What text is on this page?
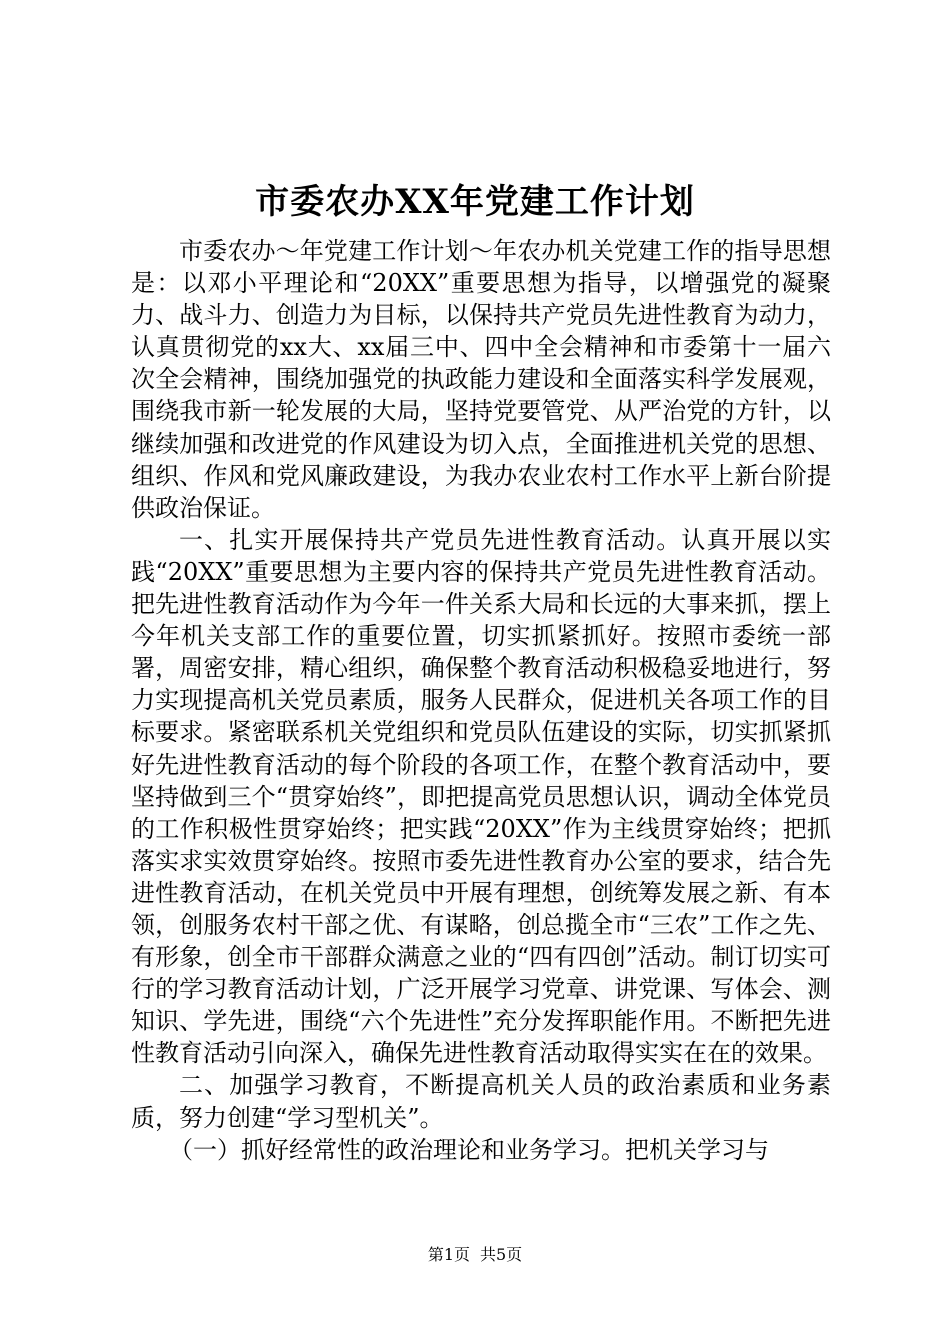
市委农办XX年党建工作计划

市委农办～年党建工作计划～年农办机关党建工作的指导思想是：以邓小平理论和“20XX”重要思想为指导，以增强党的凝聚力、战斗力、创造力为目标，以保持共产党员先进性教育为动力，认真贯彻党的xx大、xx届三中、四中全会精神和市委第十一届六次全会精神，围绕加强党的执政能力建设和全面落实科学发展观，围绕我市新一轮发展的大局，坚持党要管党、从严治党的方针，以继续加强和改进党的作风建设为切入点，全面推进机关党的思想、组织、作风和党风廉政建设，为我办农业农村工作水平上新台阶提供政治保证。

一、扎实开展保持共产党员先进性教育活动。认真开展以实践“20XX”重要思想为主要内容的保持共产党员先进性教育活动。把先进性教育活动作为今年一件关系大局和长远的大事来抓，摆上今年机关支部工作的重要位置，切实抓紧抓好。按照市委统一部署，周密安排，精心组织，确保整个教育活动积极稳妥地进行，努力实现提高机关党员素质，服务人民群众，促进机关各项工作的目标要求。紧密联系机关党组织和党员队伍建设的实际，切实抓紧抓好先进性教育活动的每个阶段的各项工作，在整个教育活动中，要坚持做到三个“贯穿始终”，即把提高党员思想认识，调动全体党员的工作积极性贯穿始终；把实践“20XX”作为主线贯穿始终；把抓落实求实效贯穿始终。按照市委先进性教育办公室的要求，结合先进性教育活动，在机关党员中开展有理想，创统筹发展之新、有本领，创服务农村干部之优、有谋略，创总揽全市“三农”工作之先、有形象，创全市干部群众满意之业的“四有四创”活动。制订切实可行的学习教育活动计划，广泛开展学习党章、讲党课、写体会、测知识、学先进，围绕“六个先进性”充分发挥职能作用。不断把先进性教育活动引向深入，确保先进性教育活动取得实实在在的效果。

二、加强学习教育，不断提高机关人员的政治素质和业务素质，努力创建“学习型机关”。

（一）抓好经常性的政治理论和业务学习。把机关学习与

第1页 共5页
